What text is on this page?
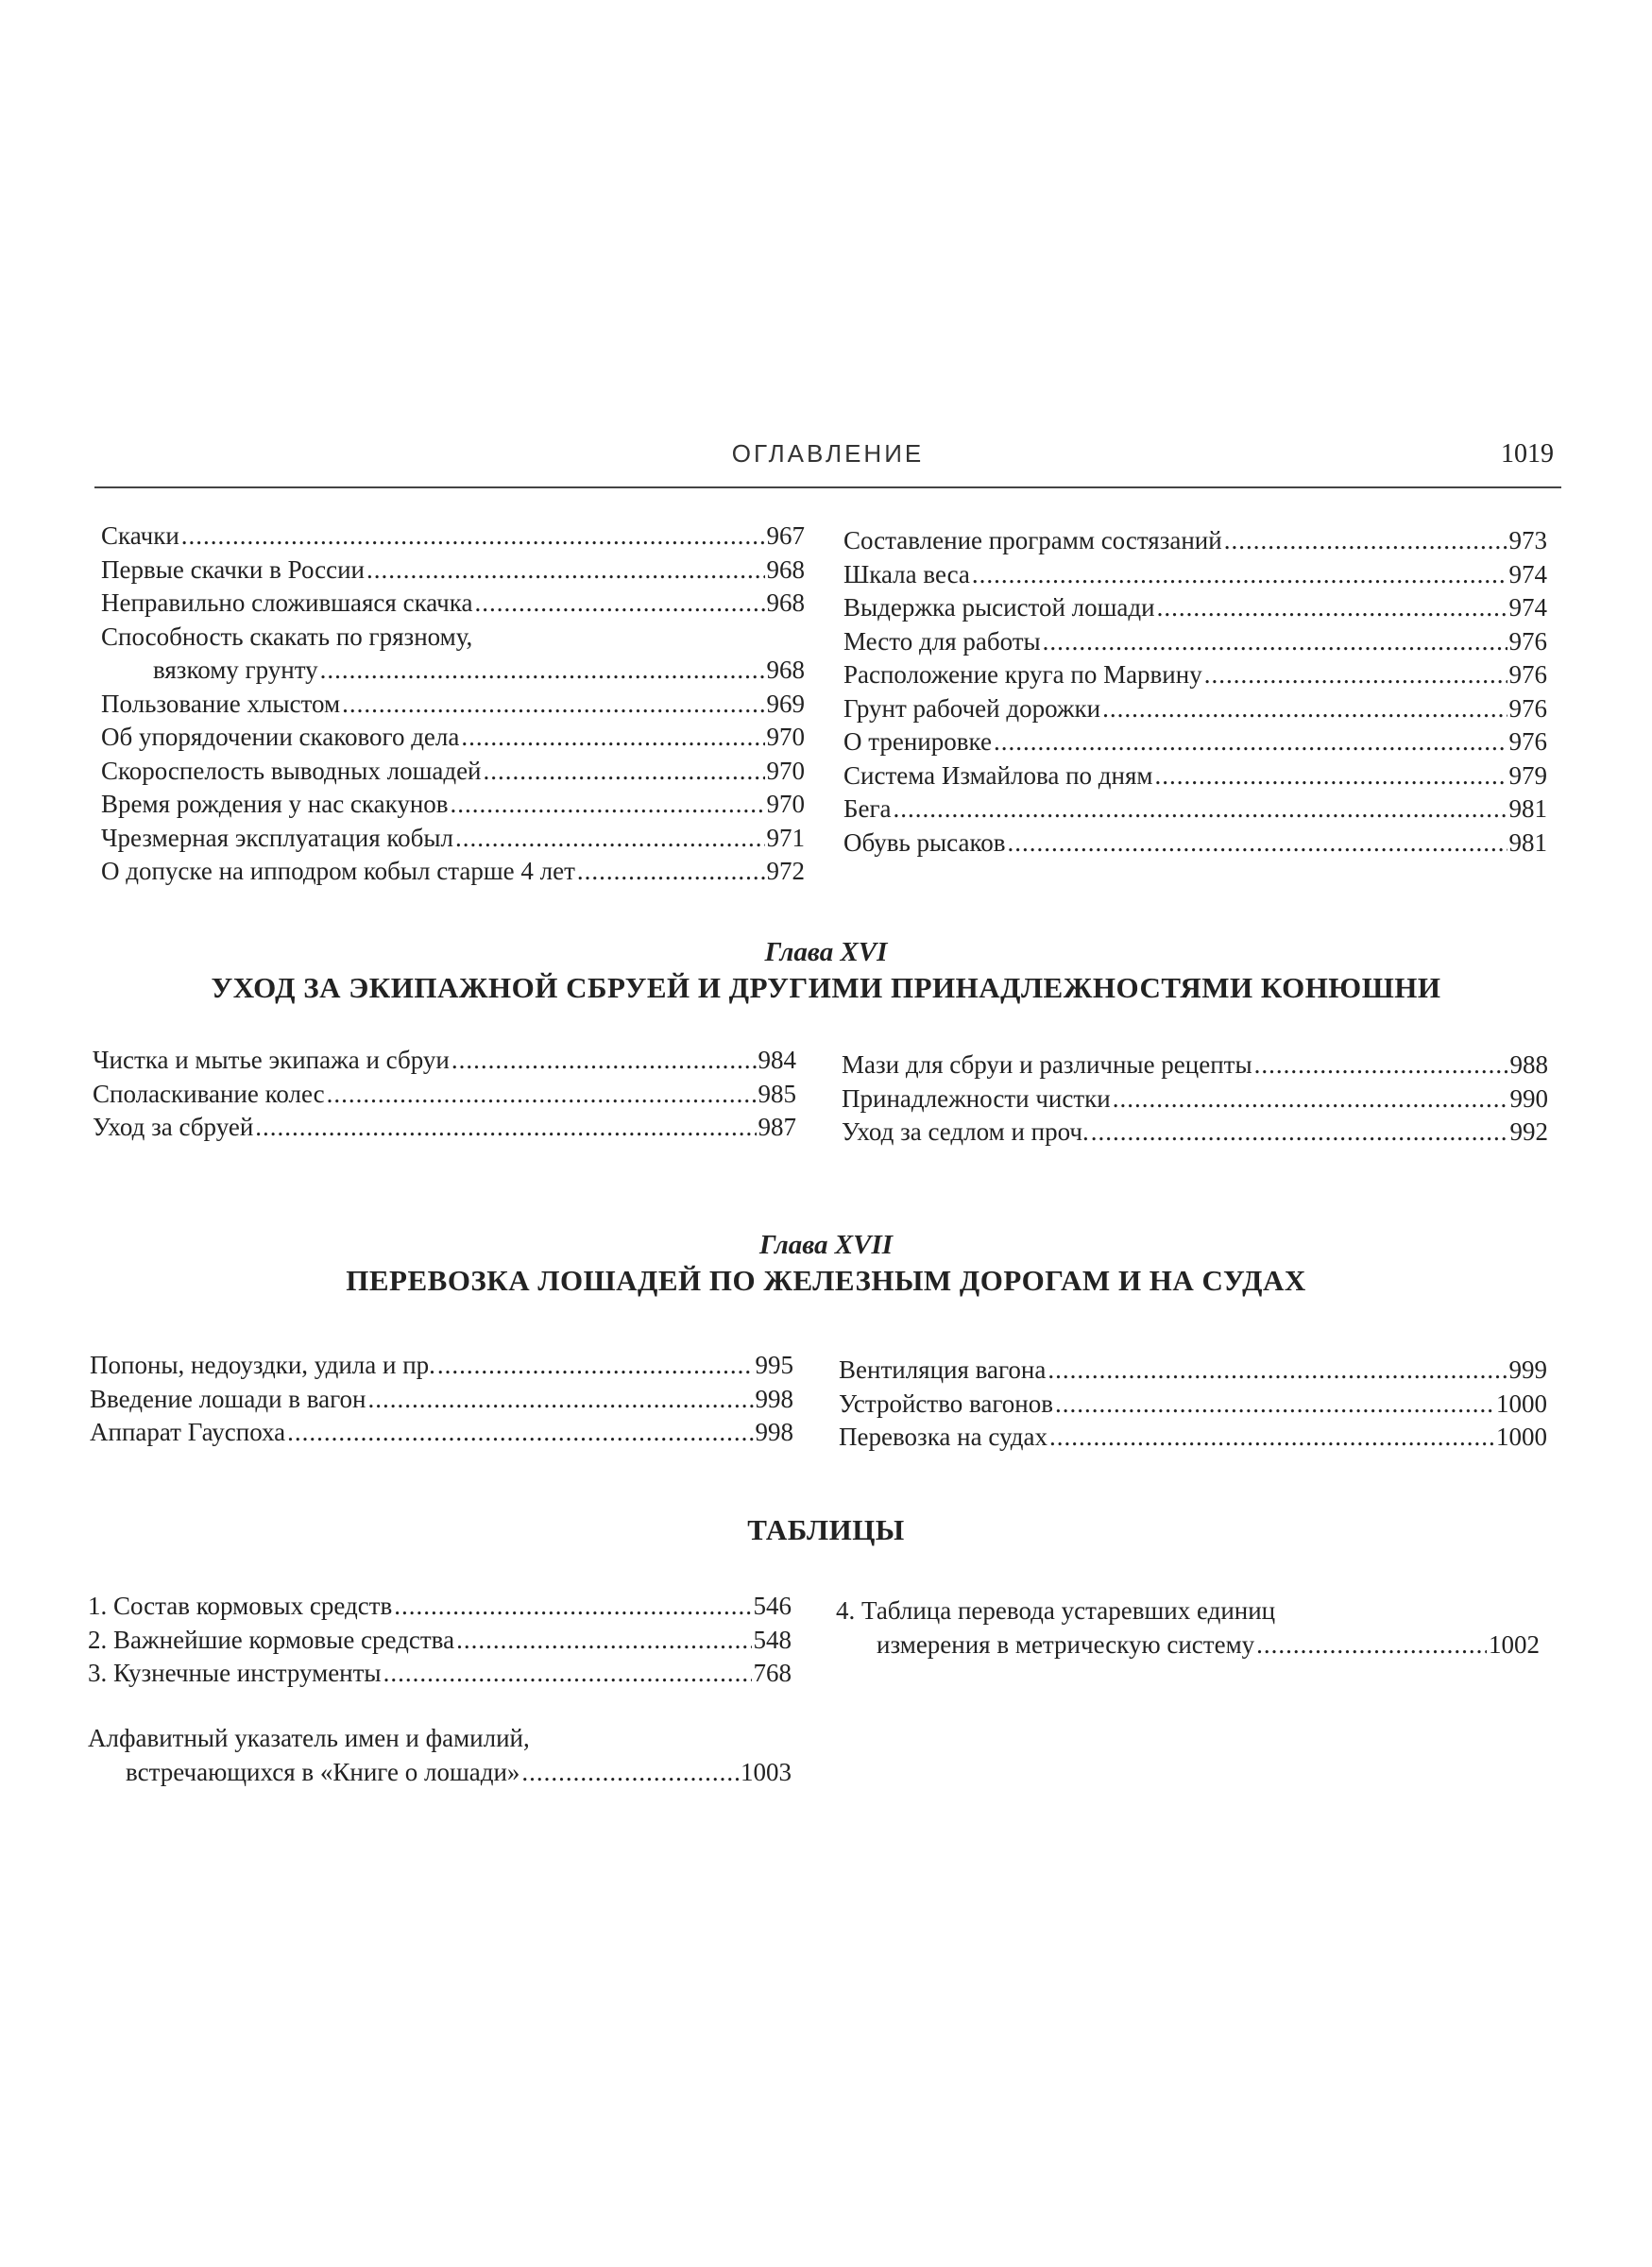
ОГЛАВЛЕНИЕ	1019
Скачки .....	967
Первые скачки в России .....	968
Неправильно сложившаяся скачка .....	968
Способность скакать по грязному,
вязкому грунту .....	968
Пользование хлыстом .....	969
Об упорядочении скакового дела .....	970
Скороспелость выводных лошадей .....	970
Время рождения у нас скакунов .....	970
Чрезмерная эксплуатация кобыл .....	971
О допуске на ипподром кобыл старше 4 лет .....	972
Составление программ состязаний .....	973
Шкала веса .....	974
Выдержка рысистой лошади .....	974
Место для работы .....	976
Расположение круга по Марвину .....	976
Грунт рабочей дорожки .....	976
О тренировке .....	976
Система Измайлова по дням .....	979
Бега .....	981
Обувь рысаков .....	981
Глава XVI
УХОД ЗА ЭКИПАЖНОЙ СБРУЕЙ И ДРУГИМИ ПРИНАДЛЕЖНОСТЯМИ КОНЮШНИ
Чистка и мытье экипажа и сбруи .....	984
Споласкивание колес .....	985
Уход за сбруей .....	987
Мази для сбруи и различные рецепты .....	988
Принадлежности чистки .....	990
Уход за седлом и проч. .....	992
Глава XVII
ПЕРЕВОЗКА ЛОШАДЕЙ ПО ЖЕЛЕЗНЫМ ДОРОГАМ И НА СУДАХ
Попоны, недоуздки, удила и пр. .....	995
Введение лошади в вагон .....	998
Аппарат Гауспоха .....	998
Вентиляция вагона .....	999
Устройство вагонов .....	1000
Перевозка на судах .....	1000
ТАБЛИЦЫ
1. Состав кормовых средств .....	546
2. Важнейшие кормовые средства .....	548
3. Кузнечные инструменты .....	768
4. Таблица перевода устаревших единиц
измерения в метрическую систему .....	1002
Алфавитный указатель имен и фамилий,
встречающихся в «Книге о лошади» .....	1003
